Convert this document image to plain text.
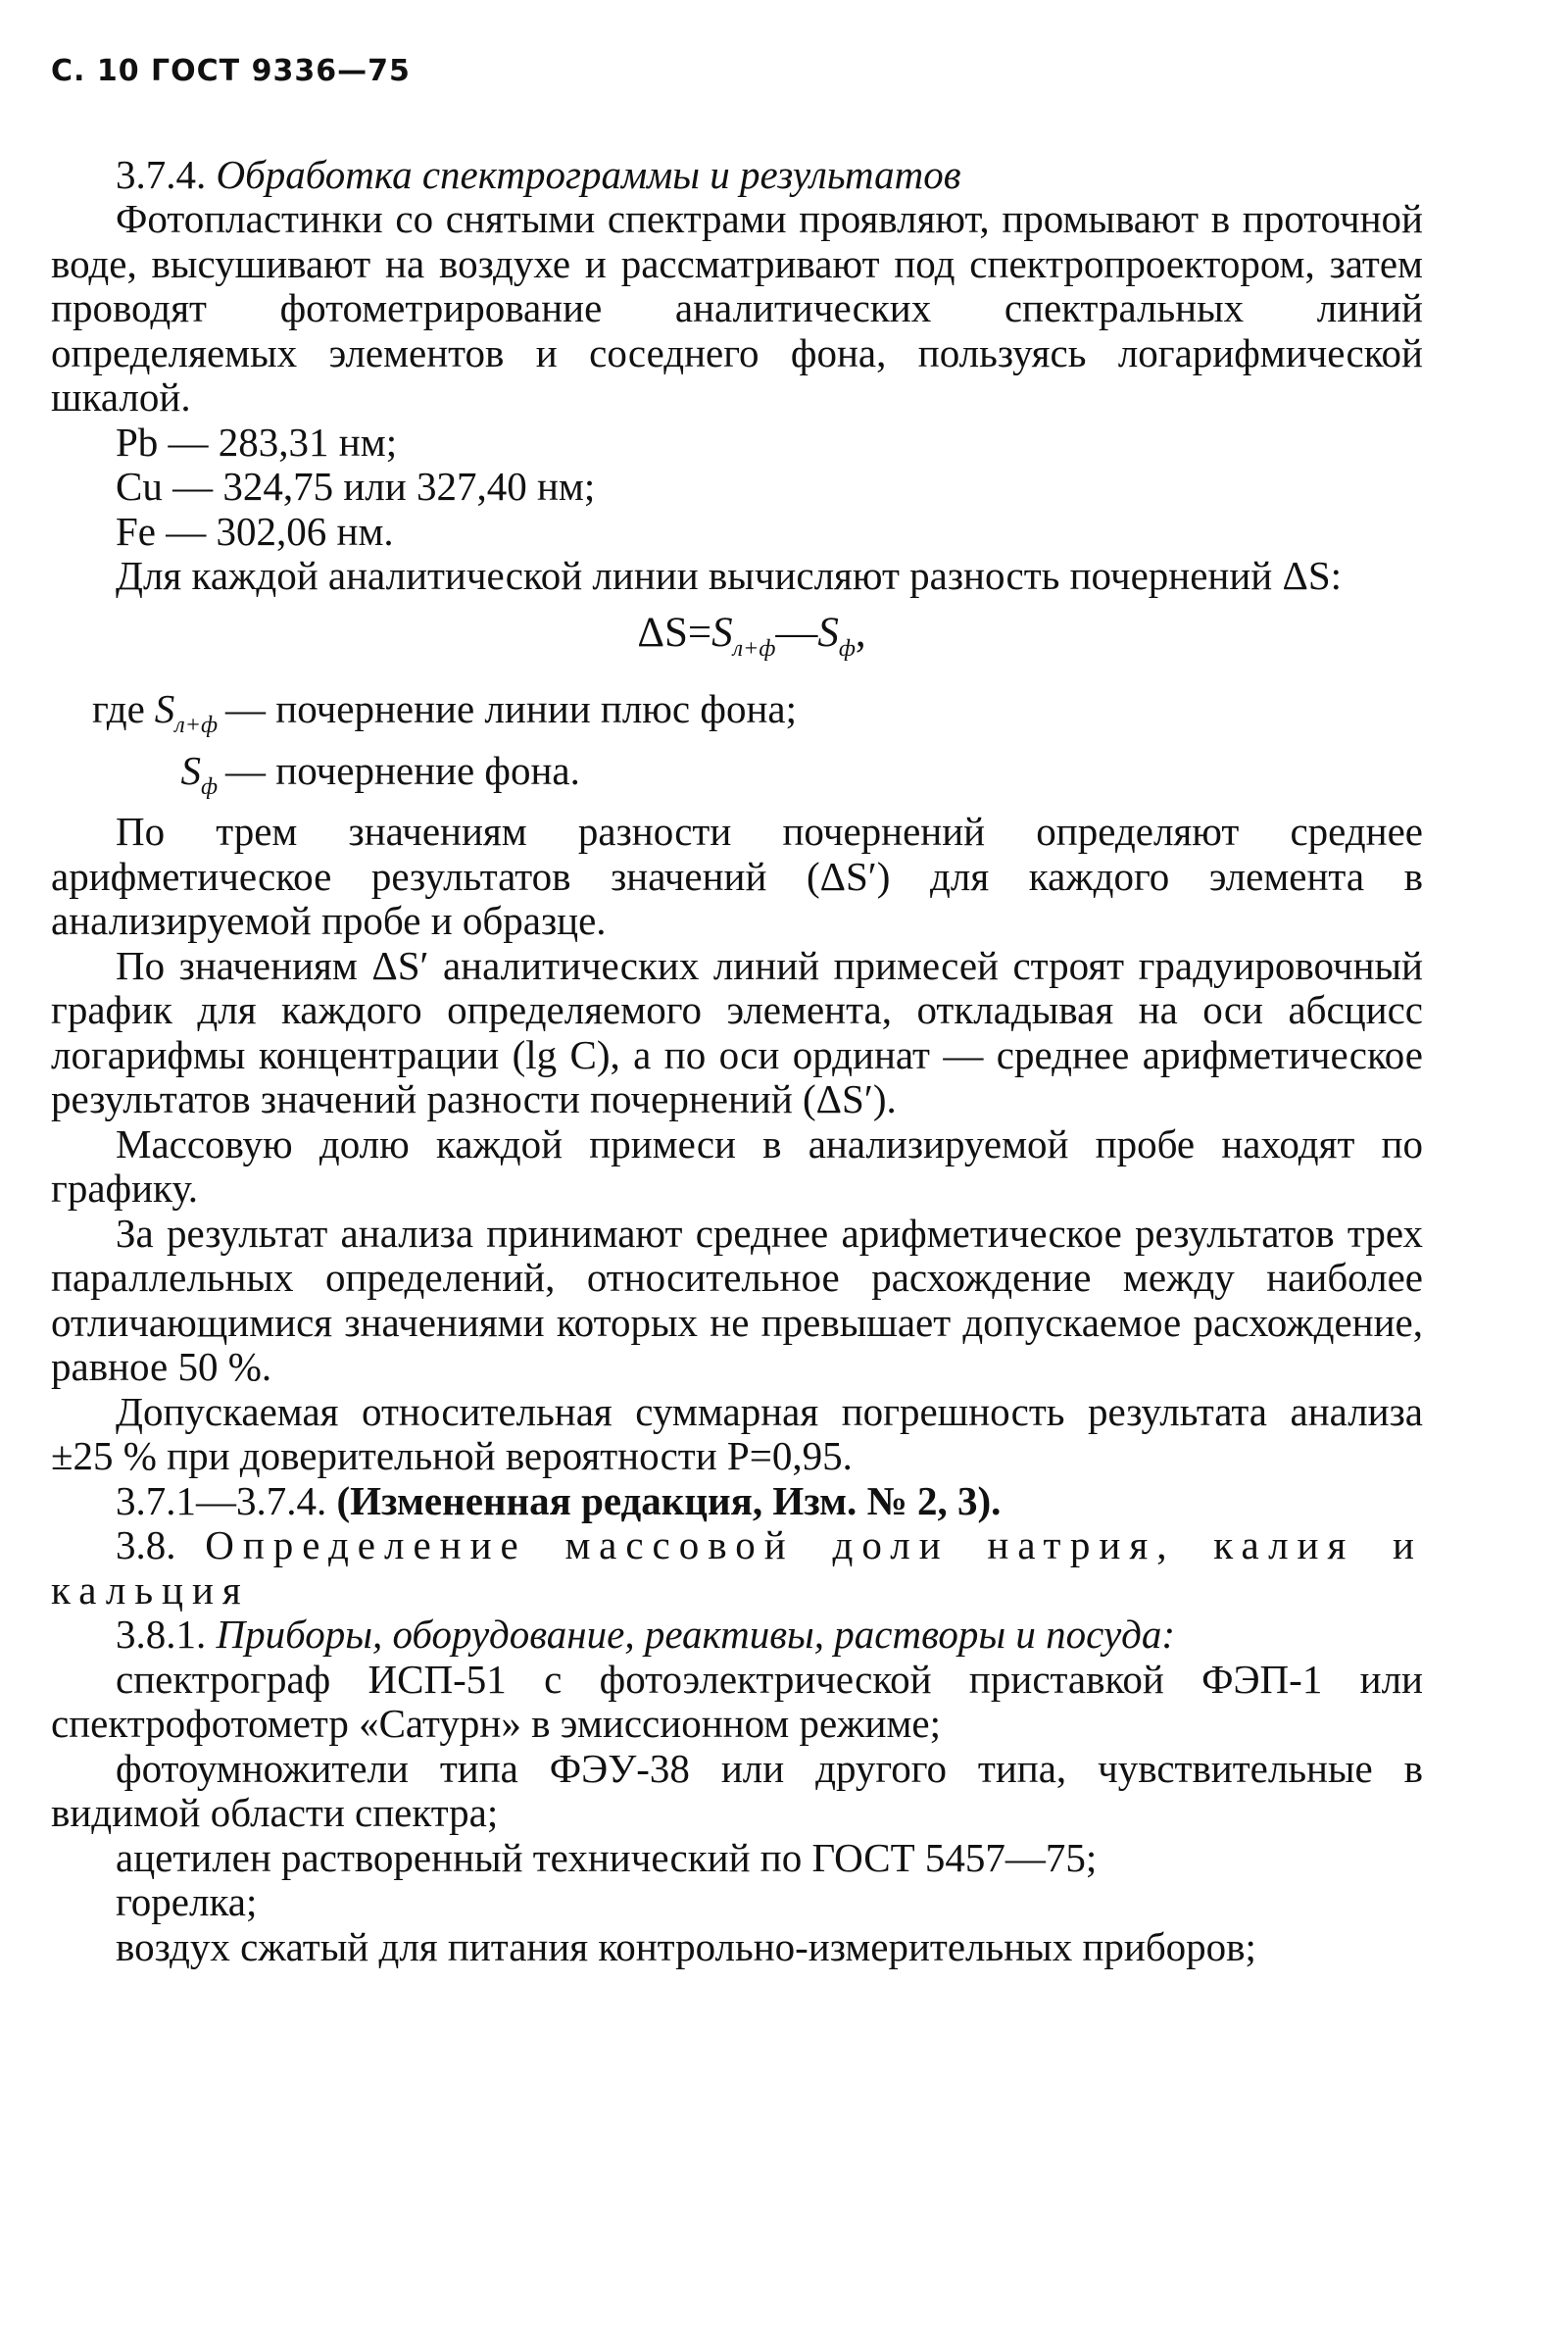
С. 10 ГОСТ 9336—75

3.7.4. Обработка спектрограммы и результатов

Фотопластинки со снятыми спектрами проявляют, промывают в проточной воде, высушивают на воздухе и рассматривают под спектропроектором, затем проводят фотометрирование аналитических спектральных линий определяемых элементов и соседнего фона, пользуясь логарифмической шкалой.

Pb — 283,31 нм;

Cu — 324,75 или 327,40 нм;

Fe — 302,06 нм.

Для каждой аналитической линии вычисляют разность почернений ΔS:

$\Delta S=S_{л+ф}—S_ф$,
где $S_{л+ф}$ — почернение линии плюс фона;
$S_ф$ — почернение фона.

По трем значениям разности почернений определяют среднее арифметическое результатов значений (ΔS′) для каждого элемента в анализируемой пробе и образце.

По значениям ΔS′ аналитических линий примесей строят градуировочный график для каждого определяемого элемента, откладывая на оси абсцисс логарифмы концентрации (lg C), а по оси ординат — среднее арифметическое результатов значений разности почернений (ΔS′).

Массовую долю каждой примеси в анализируемой пробе находят по графику.

За результат анализа принимают среднее арифметическое результатов трех параллельных определений, относительное расхождение между наиболее отличающимися значениями которых не превышает допускаемое расхождение, равное 50 %.

Допускаемая относительная суммарная погрешность результата анализа ±25 % при доверительной вероятности P=0,95.

3.7.1—3.7.4. (Измененная редакция, Изм. № 2, 3).

3.8. Определение массовой доли натрия, калия и кальция

3.8.1. Приборы, оборудование, реактивы, растворы и посуда:

спектрограф ИСП-51 с фотоэлектрической приставкой ФЭП-1 или спектрофотометр «Сатурн» в эмиссионном режиме;

фотоумножители типа ФЭУ-38 или другого типа, чувствительные в видимой области спектра;

ацетилен растворенный технический по ГОСТ 5457—75;

горелка;

воздух сжатый для питания контрольно-измерительных приборов;
